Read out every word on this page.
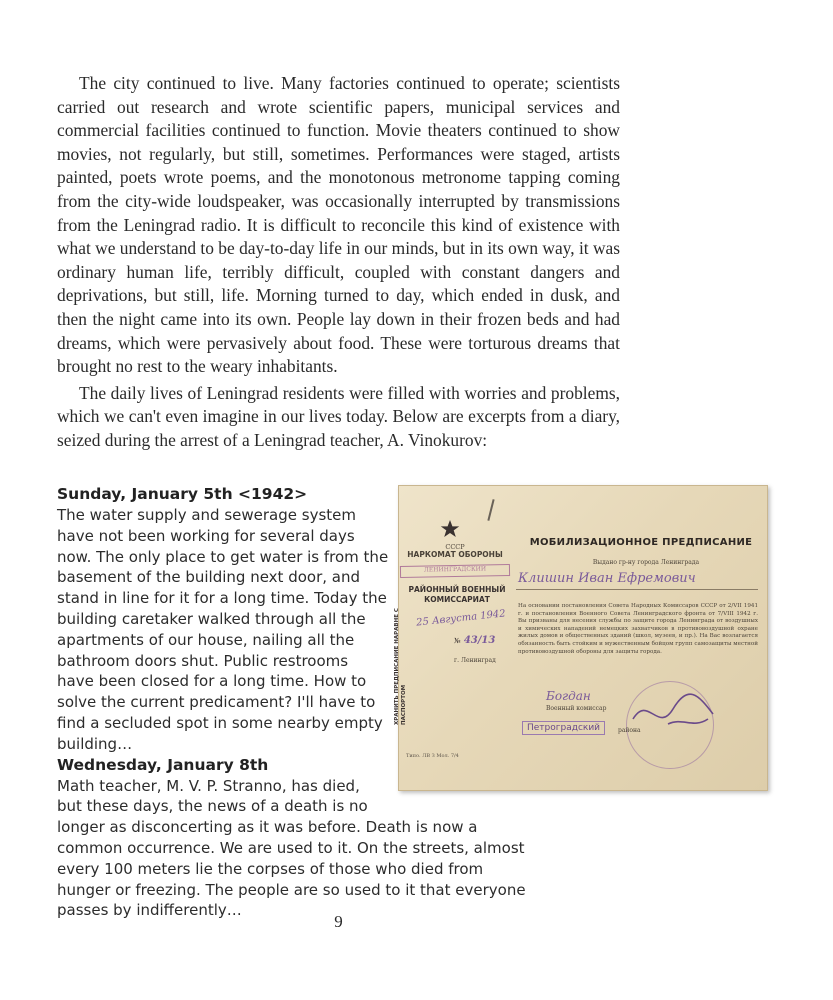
The city continued to live. Many factories continued to operate; scientists carried out research and wrote scientific papers, municipal services and commercial facilities continued to function. Movie theaters continued to show movies, not regularly, but still, sometimes. Performances were staged, artists painted, poets wrote poems, and the monotonous metronome tapping coming from the city-wide loudspeaker, was occasionally interrupted by transmissions from the Leningrad radio. It is difficult to reconcile this kind of existence with what we understand to be day-to-day life in our minds, but in its own way, it was ordinary human life, terribly difficult, coupled with constant dangers and deprivations, but still, life. Morning turned to day, which ended in dusk, and then the night came into its own. People lay down in their frozen beds and had dreams, which were pervasively about food. These were torturous dreams that brought no rest to the weary inhabitants.

The daily lives of Leningrad residents were filled with worries and problems, which we can't even imagine in our lives today. Below are excerpts from a diary, seized during the arrest of a Leningrad teacher, A. Vinokurov:

Sunday, January 5th <1942>

The water supply and sewerage system have not been working for several days now. The only place to get water is from the basement of the building next door, and stand in line for it for a long time. Today the building caretaker walked through all the apartments of our house, nailing all the bathroom doors shut. Public restrooms have been closed for a long time. How to solve the current predicament? I'll have to find a secluded spot in some nearby empty building…

Wednesday, January 8th

Math teacher, M. V. P. Stranno, has died, but these days, the news of a death is no longer as disconcerting as it was before. Death is now a common occurrence. We are used to it. On the streets, almost every 100 meters lie the corpses of those who died from hunger or freezing. The people are so used to it that everyone passes by indifferently…

СССР
НАРКОМАТ ОБОРОНЫ
ЛЕНИНГРАДСКИЙ
РАЙОННЫЙ ВОЕННЫЙ КОМИССАРИАТ
25 Августа 1942
№ 43/13
г. Ленинград
ХРАНИТЬ ПРЕДПИСАНИЕ НАРАВНЕ С ПАСПОРТОМ
Типо. ЛВ З Мол. 7/4
МОБИЛИЗАЦИОННОЕ ПРЕДПИСАНИЕ
Выдано гр-ну города Ленинграда
Клишин Иван Ефремович
На основании постановления Совета Народных Комиссаров СССР от 2/VII 1941 г. и постановления Военного Совета Ленинградского фронта от 7/VIII 1942 г. Вы призваны для несения службы по защите города Ленинграда от воздушных и химических нападений немецких захватчиков в противовоздушной охране жилых домов и общественных зданий (школ, музеев, и пр.). На Вас возлагается обязанность быть стойким и мужественным бойцом групп самозащиты местной противовоздушной обороны для защиты города.
Богдан
Военный комиссар
Петроградский	района
9
